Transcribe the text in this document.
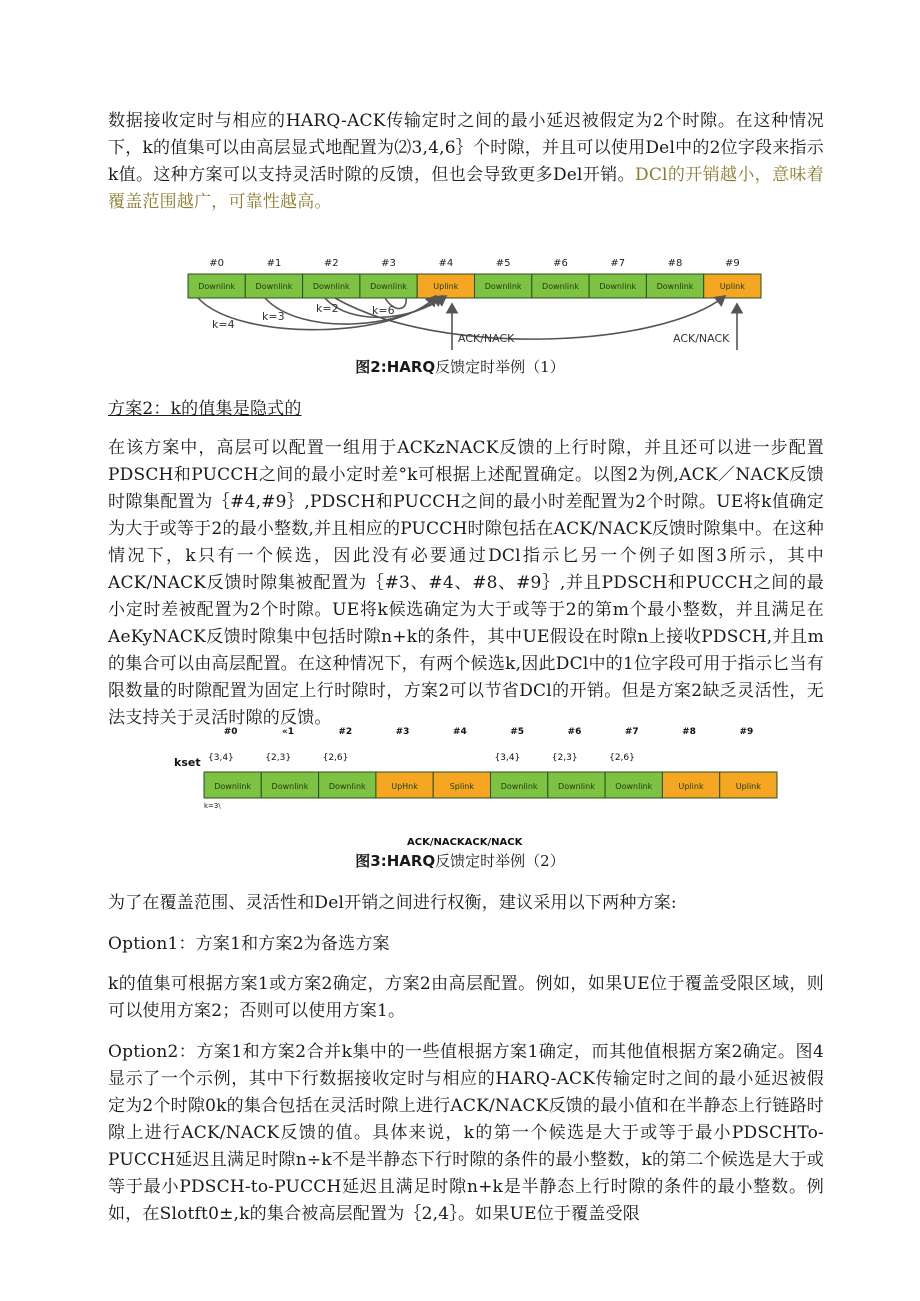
数据接收定时与相应的HARQ-ACK传输定时之间的最小延迟被假定为2个时隙。在这种情况下，k的值集可以由高层显式地配置为⑵3,4,6｝个时隙，并且可以使用Del中的2位字段来指示k值。这种方案可以支持灵活时隙的反馈，但也会导致更多Del开销。DCl的开销越小，意味着覆盖范围越广，可靠性越高。

#0	#1	#2	#3	#4	#5	#6	#7	#8	#9
Downlink	Downlink	Downlink	Downlink	Uplink	Downlink	Downlink	Downlink	Downlink	Uplink
k=4
k=3
k=2	k=6
ACK/NACK	ACK/NACK

图2:HARQ反馈定时举例（1）

方案2：k的值集是隐式的

在该方案中，高层可以配置一组用于ACKzNACK反馈的上行时隙，并且还可以进一步配置PDSCH和PUCCH之间的最小定时差°k可根据上述配置确定。以图2为例,ACK／NACK反馈时隙集配置为｛#4,#9｝,PDSCH和PUCCH之间的最小时差配置为2个时隙。UE将k值确定为大于或等于2的最小整数,并且相应的PUCCH时隙包括在ACK/NACK反馈时隙集中。在这种情况下，k只有一个候选，因此没有必要通过DCl指示匕另一个例子如图3所示，其中ACK/NACK反馈时隙集被配置为｛#3、#4、#8、#9｝,并且PDSCH和PUCCH之间的最小定时差被配置为2个时隙。UE将k候选确定为大于或等于2的第m个最小整数，并且满足在AeKyNACK反馈时隙集中包括时隙n+k的条件，其中UE假设在时隙n上接收PDSCH,并且m的集合可以由高层配置。在这种情况下，有两个候选k,因此DCl中的1位字段可用于指示匕当有限数量的时隙配置为固定上行时隙时，方案2可以节省DCl的开销。但是方案2缺乏灵活性，无法支持关于灵活时隙的反馈。

#0	«1	#2	#3	#4	#5	#6	#7	#8	#9
kset {3,4}	{2,3}	{2,6}	{3,4}	{2,3}	{2,6}
Downlink	Downlink	Downlink	UpHnk	Splink	Downlink	Downlink	Oownlink	Uplink	Uplink
k=3\
ACK/NACKACK/NACK

图3:HARQ反馈定时举例（2）

为了在覆盖范围、灵活性和Del开销之间进行权衡，建议采用以下两种方案:

Option1：方案1和方案2为备选方案

k的值集可根据方案1或方案2确定，方案2由高层配置。例如，如果UE位于覆盖受限区域，则可以使用方案2；否则可以使用方案1。

Option2：方案1和方案2合并k集中的一些值根据方案1确定，而其他值根据方案2确定。图4显示了一个示例，其中下行数据接收定时与相应的HARQ-ACK传输定时之间的最小延迟被假定为2个时隙0k的集合包括在灵活时隙上进行ACK/NACK反馈的最小值和在半静态上行链路时隙上进行ACK/NACK反馈的值。具体来说，k的第一个候选是大于或等于最小PDSCHTo-PUCCH延迟且满足时隙n÷k不是半静态下行时隙的条件的最小整数，k的第二个候选是大于或等于最小PDSCH-to-PUCCH延迟且满足时隙n+k是半静态上行时隙的条件的最小整数。例如，在Slotft0±,k的集合被高层配置为｛2,4｝。如果UE位于覆盖受限
